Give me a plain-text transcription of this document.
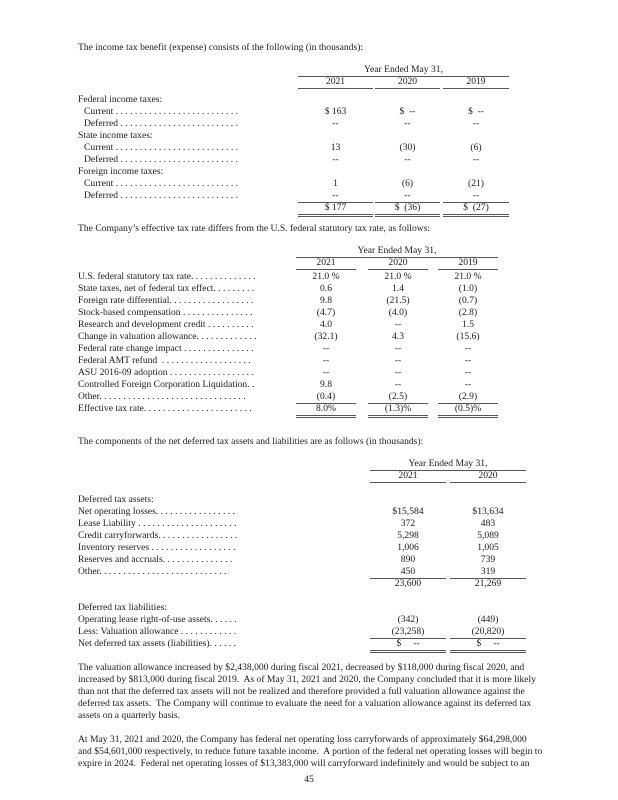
The income tax benefit (expense) consists of the following (in thousands):
Year Ended May 31,
2021	2020	2019
Federal income taxes:
Current . . . . . . . . . . . . . . . . . . . . . . . . . .	$ 163	$  --	$  --
Deferred . . . . . . . . . . . . . . . . . . . . . . . . .	--	--	--
State income taxes:
Current . . . . . . . . . . . . . . . . . . . . . . . . . .	13	(30)	(6)
Deferred . . . . . . . . . . . . . . . . . . . . . . . . .	--	--	--
Foreign income taxes:
Current . . . . . . . . . . . . . . . . . . . . . . . . . .	1	(6)	(21)
Deferred . . . . . . . . . . . . . . . . . . . . . . . . .	--	--	--
$ 177	$  (36)	$  (27)
The Company’s effective tax rate differs from the U.S. federal statutory tax rate, as follows:
Year Ended May 31,
2021	2020	2019
U.S. federal statutory tax rate. . . . . . . . . . . . . .	21.0 %	21.0 %	21.0 %
State taxes, net of federal tax effect. . . . . . . . .	0.6	1.4	(1.0)
Foreign rate differential. . . . . . . . . . . . . . . . . .	9.8	(21.5)	(0.7)
Stock-based compensation . . . . . . . . . . . . . . .	(4.7)	(4.0)	(2.8)
Research and development credit . . . . . . . . . .	4.0	--	1.5
Change in valuation allowance. . . . . . . . . . . . .	(32.1)	4.3	(15.6)
Federal rate change impact . . . . . . . . . . . . . . .	--	--	--
Federal AMT refund  . . . . . . . . . . . . . . . . . . .	--	--	--
ASU 2016-09 adoption . . . . . . . . . . . . . . . . . .	--	--	--
Controlled Foreign Corporation Liquidation. .	9.8	--	--
Other. . . . . . . . . . . . . . . . . . . . . . . . . . . . . . .	(0.4)	(2.5)	(2.9)
Effective tax rate. . . . . . . . . . . . . . . . . . . . . . .	8.0%	(1.3)%	(0.5)%
The components of the net deferred tax assets and liabilities are as follows (in thousands):
Year Ended May 31,
2021	2020
Deferred tax assets:
Net operating losses. . . . . . . . . . . . . . . . .	$15,584	$13,634
Lease Liability . . . . . . . . . . . . . . . . . . . . .	372	483
Credit carryforwards. . . . . . . . . . . . . . . . .	5,298	5,089
Inventory reserves . . . . . . . . . . . . . . . . . .	1,006	1,005
Reserves and accruals. . . . . . . . . . . . . . .	890	739
Other. . . . . . . . . . . . . . . . . . . . . . . . . . .	450	319
23,600	21,269
Deferred tax liabilities:
Operating lease right-of-use assets. . . . . .	(342)	(449)
Less: Valuation allowance . . . . . . . . . . . .	(23,258)	(20,820)
Net deferred tax assets (liabilities). . . . . .	$     --	$     --
The valuation allowance increased by $2,438,000 during fiscal 2021, decreased by $118,000 during fiscal 2020, and
increased by $813,000 during fiscal 2019.  As of May 31, 2021 and 2020, the Company concluded that it is more likely
than not that the deferred tax assets will not be realized and therefore provided a full valuation allowance against the
deferred tax assets.  The Company will continue to evaluate the need for a valuation allowance against its deferred tax
assets on a quarterly basis.
At May 31, 2021 and 2020, the Company has federal net operating loss carryforwards of approximately $64,298,000
and $54,601,000 respectively, to reduce future taxable income.  A portion of the federal net operating losses will begin to
expire in 2024.  Federal net operating losses of $13,383,000 will carryforward indefinitely and would be subject to an
45
